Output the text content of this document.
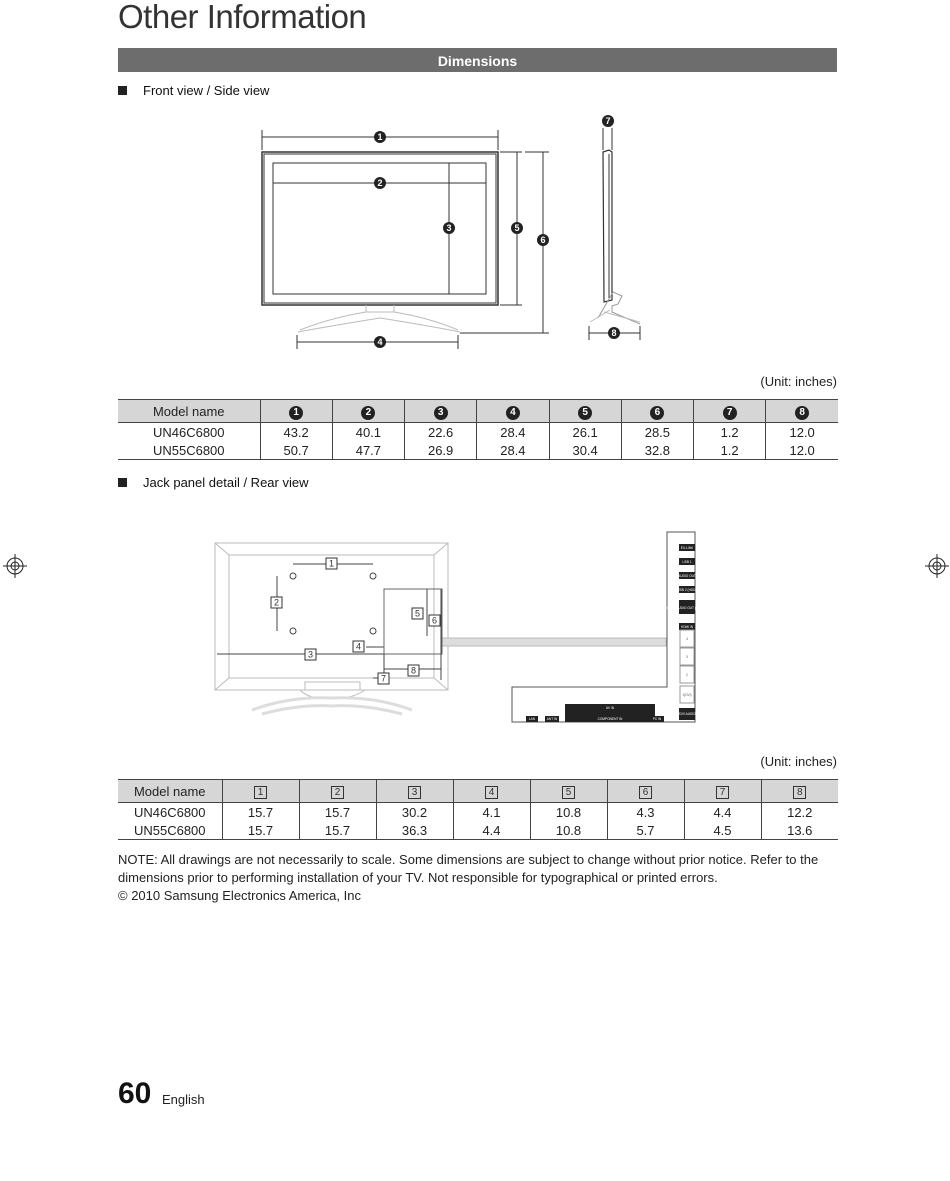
Other Information
Dimensions
Front view / Side view
1
2
3
4
5
6
7
8
(Unit: inches)
Model name	1	2	3	4	5	6	7	8
UN46C6800	43.2	40.1	22.6	28.4	26.1	28.5	1.2	12.0
UN55C6800	50.7	47.7	26.9	28.4	30.4	32.8	1.2	12.0
Jack panel detail / Rear view
EX-LINK
USB 1
AUDIO OUT
USB 2 (HDD)
DIGITAL AUDIO OUT (OPTICAL)
HDMI IN
PC/DVI AUDIO IN
AV IN
COMPONENT IN
LAN	ANT IN	PC IN
4
3
2
1(DVI)
1
2
3
4
5
6
7
8
(Unit: inches)
Model name	1	2	3	4	5	6	7	8
UN46C6800	15.7	15.7	30.2	4.1	10.8	4.3	4.4	12.2
UN55C6800	15.7	15.7	36.3	4.4	10.8	5.7	4.5	13.6
NOTE: All drawings are not necessarily to scale. Some dimensions are subject to change without prior notice. Refer to the dimensions prior to performing installation of your TV. Not responsible for typographical or printed errors.
© 2010 Samsung Electronics America, Inc
60 English
